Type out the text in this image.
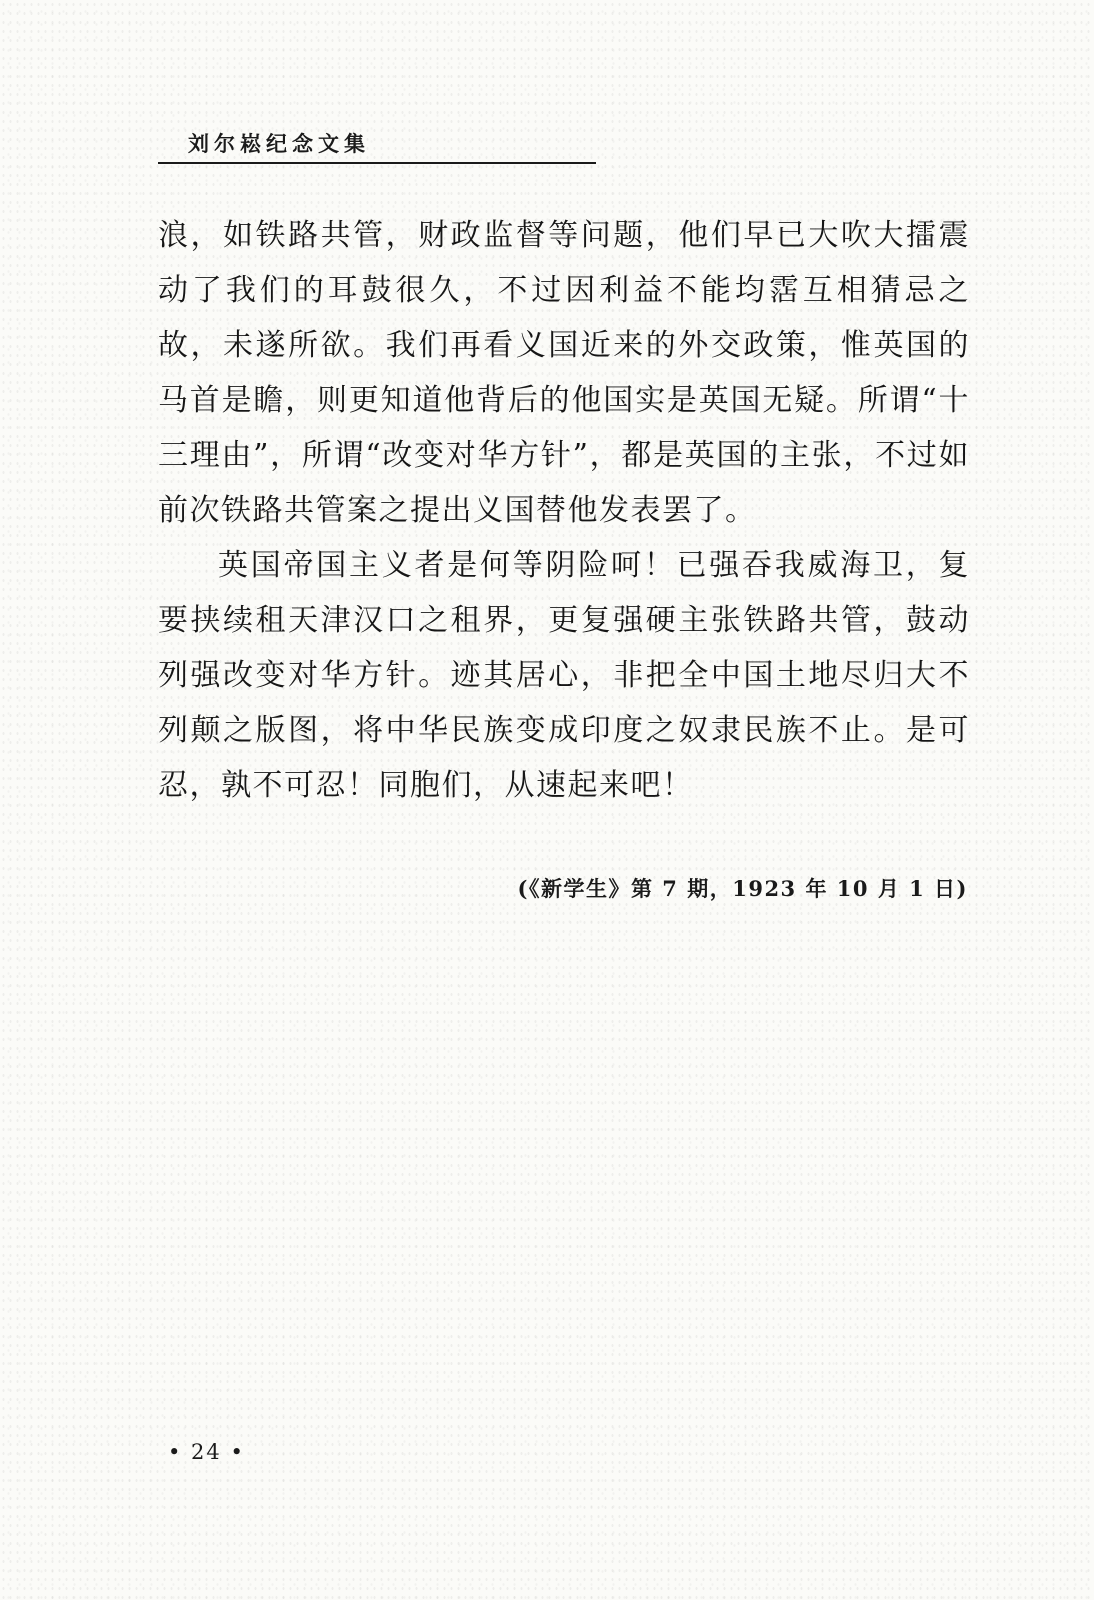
刘尔崧纪念文集

浪，如铁路共管，财政监督等问题，他们早已大吹大擂震动了我们的耳鼓很久，不过因利益不能均霑互相猜忌之故，未遂所欲。我们再看义国近来的外交政策，惟英国的马首是瞻，则更知道他背后的他国实是英国无疑。所谓“十三理由”，所谓“改变对华方针”，都是英国的主张，不过如前次铁路共管案之提出义国替他发表罢了。

英国帝国主义者是何等阴险呵！已强吞我威海卫，复要挟续租天津汉口之租界，更复强硬主张铁路共管，鼓动列强改变对华方针。迹其居心，非把全中国土地尽归大不列颠之版图，将中华民族变成印度之奴隶民族不止。是可忍，孰不可忍！同胞们，从速起来吧！

(《新学生》第 7 期，1923 年 10 月 1 日)
• 24 •
